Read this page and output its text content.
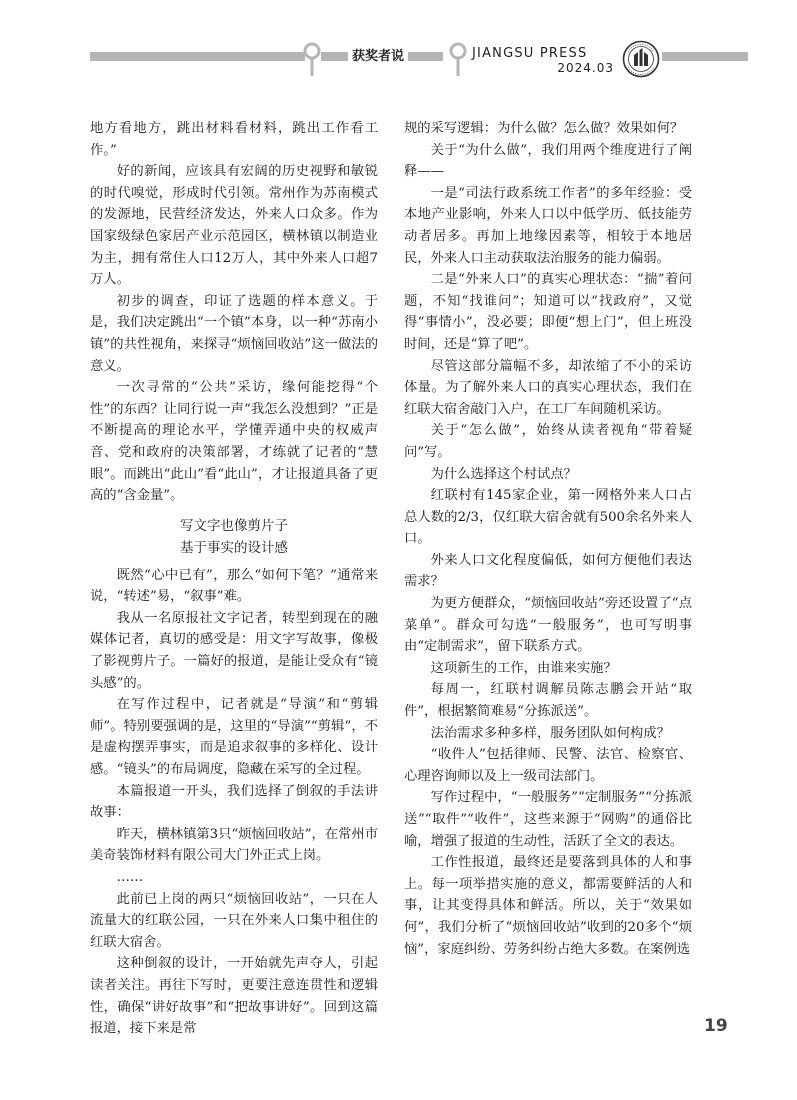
获奖者说	JIANGSU PRESS
2024.03

地方看地方，跳出材料看材料，跳出工作看工作。”

好的新闻，应该具有宏阔的历史视野和敏锐的时代嗅觉，形成时代引领。常州作为苏南模式的发源地，民营经济发达，外来人口众多。作为国家级绿色家居产业示范园区，横林镇以制造业为主，拥有常住人口12万人，其中外来人口超7万人。

初步的调查，印证了选题的样本意义。于是，我们决定跳出“一个镇”本身，以一种“苏南小镇”的共性视角，来探寻“烦恼回收站”这一做法的意义。

一次寻常的“公共”采访，缘何能挖得“个性”的东西？让同行说一声“我怎么没想到？”正是不断提高的理论水平，学懂弄通中央的权威声音、党和政府的决策部署，才练就了记者的“慧眼”。而跳出“此山”看“此山”，才让报道具备了更高的“含金量”。

写文字也像剪片子
基于事实的设计感

既然“心中已有”，那么“如何下笔？”通常来说，“转述”易，“叙事”难。

我从一名原报社文字记者，转型到现在的融媒体记者，真切的感受是：用文字写故事，像极了影视剪片子。一篇好的报道，是能让受众有“镜头感”的。

在写作过程中，记者就是“导演”和“剪辑师”。特别要强调的是，这里的“导演”“剪辑”，不是虚构摆弄事实，而是追求叙事的多样化、设计感。“镜头”的布局调度，隐藏在采写的全过程。

本篇报道一开头，我们选择了倒叙的手法讲故事：

昨天，横林镇第3只“烦恼回收站”，在常州市美奇装饰材料有限公司大门外正式上岗。

……

此前已上岗的两只“烦恼回收站”，一只在人流量大的红联公园，一只在外来人口集中租住的红联大宿舍。

这种倒叙的设计，一开始就先声夺人，引起读者关注。再往下写时，更要注意连贯性和逻辑性，确保“讲好故事”和“把故事讲好”。回到这篇报道，接下来是常

规的采写逻辑：为什么做？怎么做？效果如何？

关于“为什么做”，我们用两个维度进行了阐释——

一是“司法行政系统工作者”的多年经验：受本地产业影响，外来人口以中低学历、低技能劳动者居多。再加上地缘因素等，相较于本地居民，外来人口主动获取法治服务的能力偏弱。

二是“外来人口”的真实心理状态：“揣”着问题，不知“找谁问”；知道可以“找政府”，又觉得“事情小”，没必要；即便“想上门”，但上班没时间，还是“算了吧”。

尽管这部分篇幅不多，却浓缩了不小的采访体量。为了解外来人口的真实心理状态，我们在红联大宿舍敲门入户，在工厂车间随机采访。

关于“怎么做”，始终从读者视角“带着疑问”写。

为什么选择这个村试点？

红联村有145家企业，第一网格外来人口占总人数的2/3，仅红联大宿舍就有500余名外来人口。

外来人口文化程度偏低，如何方便他们表达需求？

为更方便群众，“烦恼回收站”旁还设置了“点菜单”。群众可勾选“一般服务”，也可写明事由“定制需求”，留下联系方式。

这项新生的工作，由谁来实施？

每周一，红联村调解员陈志鹏会开站“取件”，根据繁简难易“分拣派送”。

法治需求多种多样，服务团队如何构成？

“收件人”包括律师、民警、法官、检察官、心理咨询师以及上一级司法部门。

写作过程中，“一般服务”“定制服务”“分拣派送”“取件”“收件”，这些来源于“网购”的通俗比喻，增强了报道的生动性，活跃了全文的表达。

工作性报道，最终还是要落到具体的人和事上。每一项举措实施的意义，都需要鲜活的人和事，让其变得具体和鲜活。所以，关于“效果如何”，我们分析了“烦恼回收站”收到的20多个“烦恼”，家庭纠纷、劳务纠纷占绝大多数。在案例选

19
